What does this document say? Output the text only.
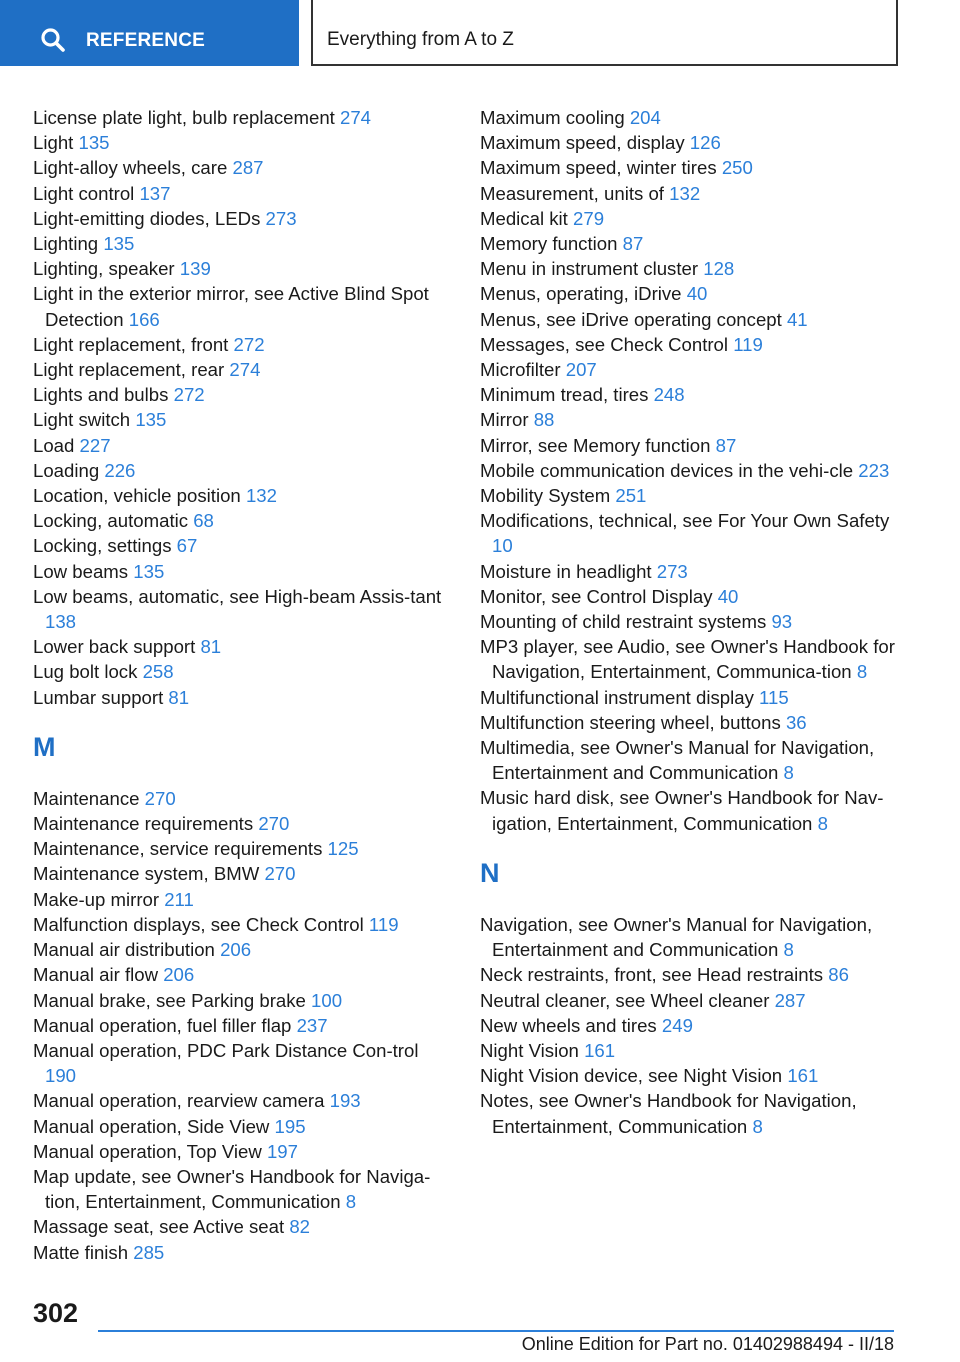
REFERENCE	Everything from A to Z

License plate light, bulb replacement 274

Light 135

Light-alloy wheels, care 287

Light control 137

Light-emitting diodes, LEDs 273

Lighting 135

Lighting, speaker 139

Light in the exterior mirror, see Active Blind Spot Detection 166

Light replacement, front 272

Light replacement, rear 274

Lights and bulbs 272

Light switch 135

Load 227

Loading 226

Location, vehicle position 132

Locking, automatic 68

Locking, settings 67

Low beams 135

Low beams, automatic, see High-beam Assis-tant 138

Lower back support 81

Lug bolt lock 258

Lumbar support 81

M

Maintenance 270

Maintenance requirements 270

Maintenance, service requirements 125

Maintenance system, BMW 270

Make-up mirror 211

Malfunction displays, see Check Control 119

Manual air distribution 206

Manual air flow 206

Manual brake, see Parking brake 100

Manual operation, fuel filler flap 237

Manual operation, PDC Park Distance Con-trol 190

Manual operation, rearview camera 193

Manual operation, Side View 195

Manual operation, Top View 197

Map update, see Owner's Handbook for Naviga-tion, Entertainment, Communication 8

Massage seat, see Active seat 82

Matte finish 285

Maximum cooling 204

Maximum speed, display 126

Maximum speed, winter tires 250

Measurement, units of 132

Medical kit 279

Memory function 87

Menu in instrument cluster 128

Menus, operating, iDrive 40

Menus, see iDrive operating concept 41

Messages, see Check Control 119

Microfilter 207

Minimum tread, tires 248

Mirror 88

Mirror, see Memory function 87

Mobile communication devices in the vehi-cle 223

Mobility System 251

Modifications, technical, see For Your Own Safety 10

Moisture in headlight 273

Monitor, see Control Display 40

Mounting of child restraint systems 93

MP3 player, see Audio, see Owner's Handbook for Navigation, Entertainment, Communica-tion 8

Multifunctional instrument display 115

Multifunction steering wheel, buttons 36

Multimedia, see Owner's Manual for Navigation, Entertainment and Communication 8

Music hard disk, see Owner's Handbook for Nav-igation, Entertainment, Communication 8

N

Navigation, see Owner's Manual for Navigation, Entertainment and Communication 8

Neck restraints, front, see Head restraints 86

Neutral cleaner, see Wheel cleaner 287

New wheels and tires 249

Night Vision 161

Night Vision device, see Night Vision 161

Notes, see Owner's Handbook for Navigation, Entertainment, Communication 8

302
Online Edition for Part no. 01402988494 - II/18
